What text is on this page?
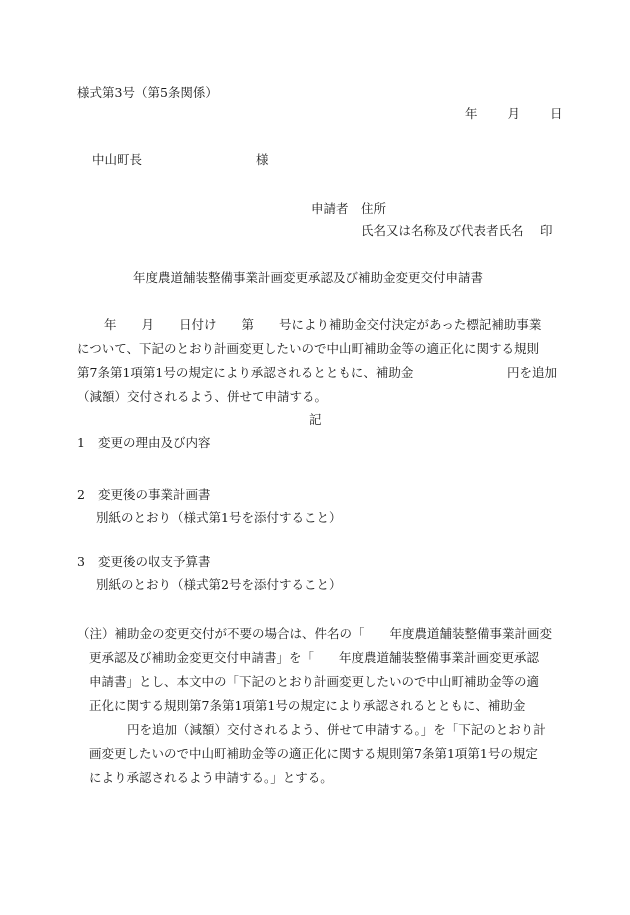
様式第3号（第5条関係）
年 月 日
中山町長	様
申請者 住所
氏名又は名称及び代表者氏名 印
年度農道舗装整備事業計画変更承認及び補助金変更交付申請書
年　　月　　日付け　　第　　号により補助金交付決定があった標記補助事業
について、下記のとおり計画変更したいので中山町補助金等の適正化に関する規則
第7条第1項第1号の規定により承認されるとともに、補助金	円を追加
（減額）交付されるよう、併せて申請する。
記
1 変更の理由及び内容
2 変更後の事業計画書
別紙のとおり（様式第1号を添付すること）
3 変更後の収支予算書
別紙のとおり（様式第2号を添付すること）
（注）補助金の変更交付が不要の場合は、件名の「　　年度農道舗装整備事業計画変
更承認及び補助金変更交付申請書」を「　　年度農道舗装整備事業計画変更承認
申請書」とし、本文中の「下記のとおり計画変更したいので中山町補助金等の適
正化に関する規則第7条第1項第1号の規定により承認されるとともに、補助金
円を追加（減額）交付されるよう、併せて申請する。」を「下記のとおり計
画変更したいので中山町補助金等の適正化に関する規則第7条第1項第1号の規定
により承認されるよう申請する。」とする。
